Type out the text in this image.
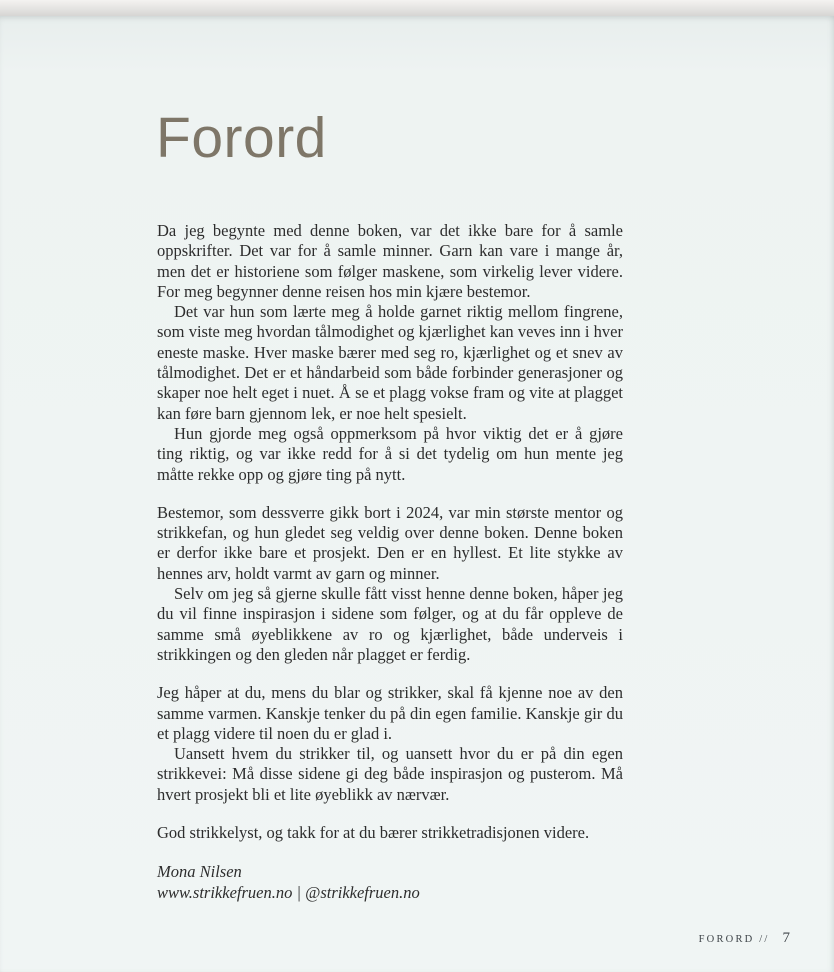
Forord

Da jeg begynte med denne boken, var det ikke bare for å samle oppskrifter. Det var for å samle minner. Garn kan vare i mange år, men det er historiene som følger maskene, som virkelig lever videre. For meg begynner denne reisen hos min kjære bestemor.

Det var hun som lærte meg å holde garnet riktig mellom fingrene, som viste meg hvordan tålmodighet og kjærlighet kan veves inn i hver eneste maske. Hver maske bærer med seg ro, kjærlighet og et snev av tålmodighet. Det er et håndarbeid som både forbinder generasjoner og skaper noe helt eget i nuet. Å se et plagg vokse fram og vite at plagget kan føre barn gjennom lek, er noe helt spesielt.

Hun gjorde meg også oppmerksom på hvor viktig det er å gjøre ting riktig, og var ikke redd for å si det tydelig om hun mente jeg måtte rekke opp og gjøre ting på nytt.

Bestemor, som dessverre gikk bort i 2024, var min største mentor og strikkefan, og hun gledet seg veldig over denne boken. Denne boken er derfor ikke bare et prosjekt. Den er en hyllest. Et lite stykke av hennes arv, holdt varmt av garn og minner.

Selv om jeg så gjerne skulle fått visst henne denne boken, håper jeg du vil finne inspirasjon i sidene som følger, og at du får oppleve de samme små øyeblikkene av ro og kjærlighet, både underveis i strikkingen og den gleden når plagget er ferdig.

Jeg håper at du, mens du blar og strikker, skal få kjenne noe av den samme varmen. Kanskje tenker du på din egen familie. Kanskje gir du et plagg videre til noen du er glad i.

Uansett hvem du strikker til, og uansett hvor du er på din egen strikkevei: Må disse sidene gi deg både inspirasjon og pusterom. Må hvert prosjekt bli et lite øyeblikk av nærvær.

God strikkelyst, og takk for at du bærer strikketradisjonen videre.

Mona Nilsen
www.strikkefruen.no | @strikkefruen.no
FORORD // 7
